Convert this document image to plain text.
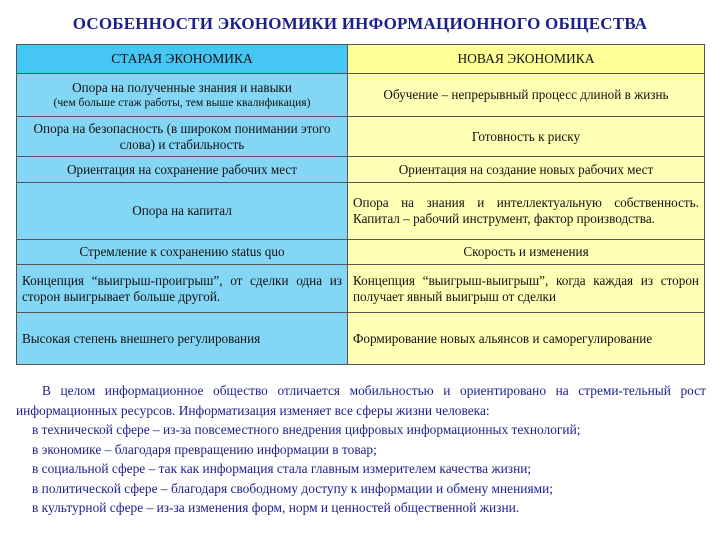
ОСОБЕННОСТИ ЭКОНОМИКИ ИНФОРМАЦИОННОГО ОБЩЕСТВА
СТАРАЯ ЭКОНОМИКА	НОВАЯ ЭКОНОМИКА

Опора на полученные знания и навыки
(чем больше стаж работы, тем выше квалификация)	Обучение – непрерывный процесс длиной в жизнь
Опора на безопасность (в широком понимании этого слова) и стабильность	Готовность к риску
Ориентация на сохранение рабочих мест	Ориентация на создание новых рабочих мест
Опора на капитал	Опора на знания и интеллектуальную собственность. Капитал – рабочий инструмент, фактор производства.
Стремление к сохранению status quo	Скорость и изменения
Концепция “выигрыш-проигрыш”, от сделки одна из сторон выигрывает больше другой.	Концепция “выигрыш-выигрыш”, когда каждая из сторон получает явный выигрыш от сделки
Высокая степень внешнего регулирования	Формирование новых альянсов и саморегулирование

В целом информационное общество отличается мобильностью и ориентировано на стреми-тельный рост информационных ресурсов. Информатизация изменяет все сферы жизни человека:

в технической сфере – из-за повсеместного внедрения цифровых информационных технологий;

в экономике – благодаря превращению информации в товар;

в социальной сфере – так как информация стала главным измерителем качества жизни;

в политической сфере – благодаря свободному доступу к информации и обмену мнениями;

в культурной сфере – из-за изменения форм, норм и ценностей общественной жизни.
